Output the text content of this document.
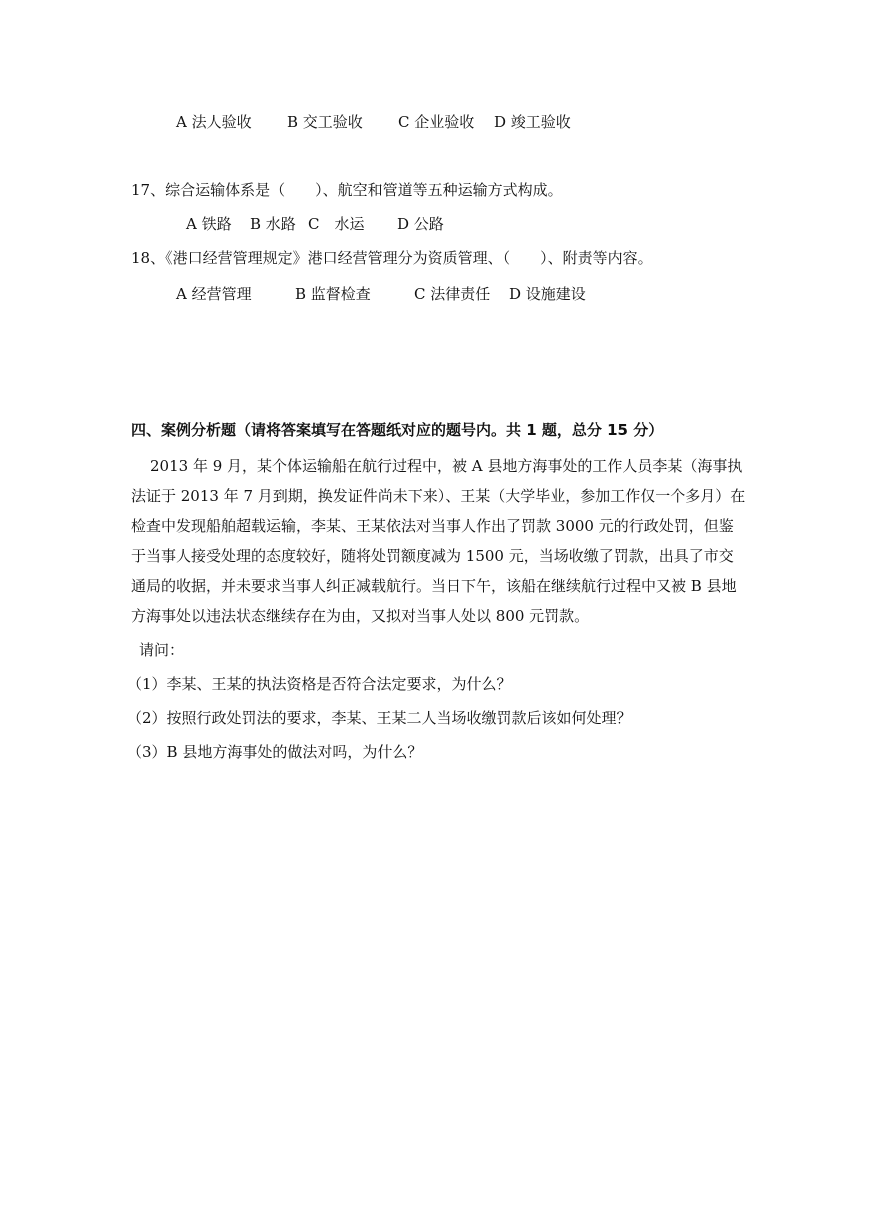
A 法人验收 B 交工验收 C 企业验收 D 竣工验收
17、综合运输体系是（　　）、航空和管道等五种运输方式构成。
A 铁路 B 水路 C　水运 D 公路
18、《港口经营管理规定》港口经营管理分为资质管理、（　　）、附责等内容。
A 经营管理	B 监督检查	C 法律责任 D 设施建设
四、案例分析题（请将答案填写在答题纸对应的题号内。共 1 题，总分 15 分）
2013 年 9 月，某个体运输船在航行过程中，被 A 县地方海事处的工作人员李某（海事执
法证于 2013 年 7 月到期，换发证件尚未下来）、王某（大学毕业，参加工作仅一个多月）在
检查中发现船舶超载运输，李某、王某依法对当事人作出了罚款 3000 元的行政处罚，但鉴
于当事人接受处理的态度较好，随将处罚额度减为 1500 元，当场收缴了罚款，出具了市交
通局的收据，并未要求当事人纠正减载航行。当日下午，该船在继续航行过程中又被 B 县地
方海事处以违法状态继续存在为由，又拟对当事人处以 800 元罚款。
请问：
（1）李某、王某的执法资格是否符合法定要求，为什么？
（2）按照行政处罚法的要求，李某、王某二人当场收缴罚款后该如何处理？
（3）B 县地方海事处的做法对吗，为什么？
